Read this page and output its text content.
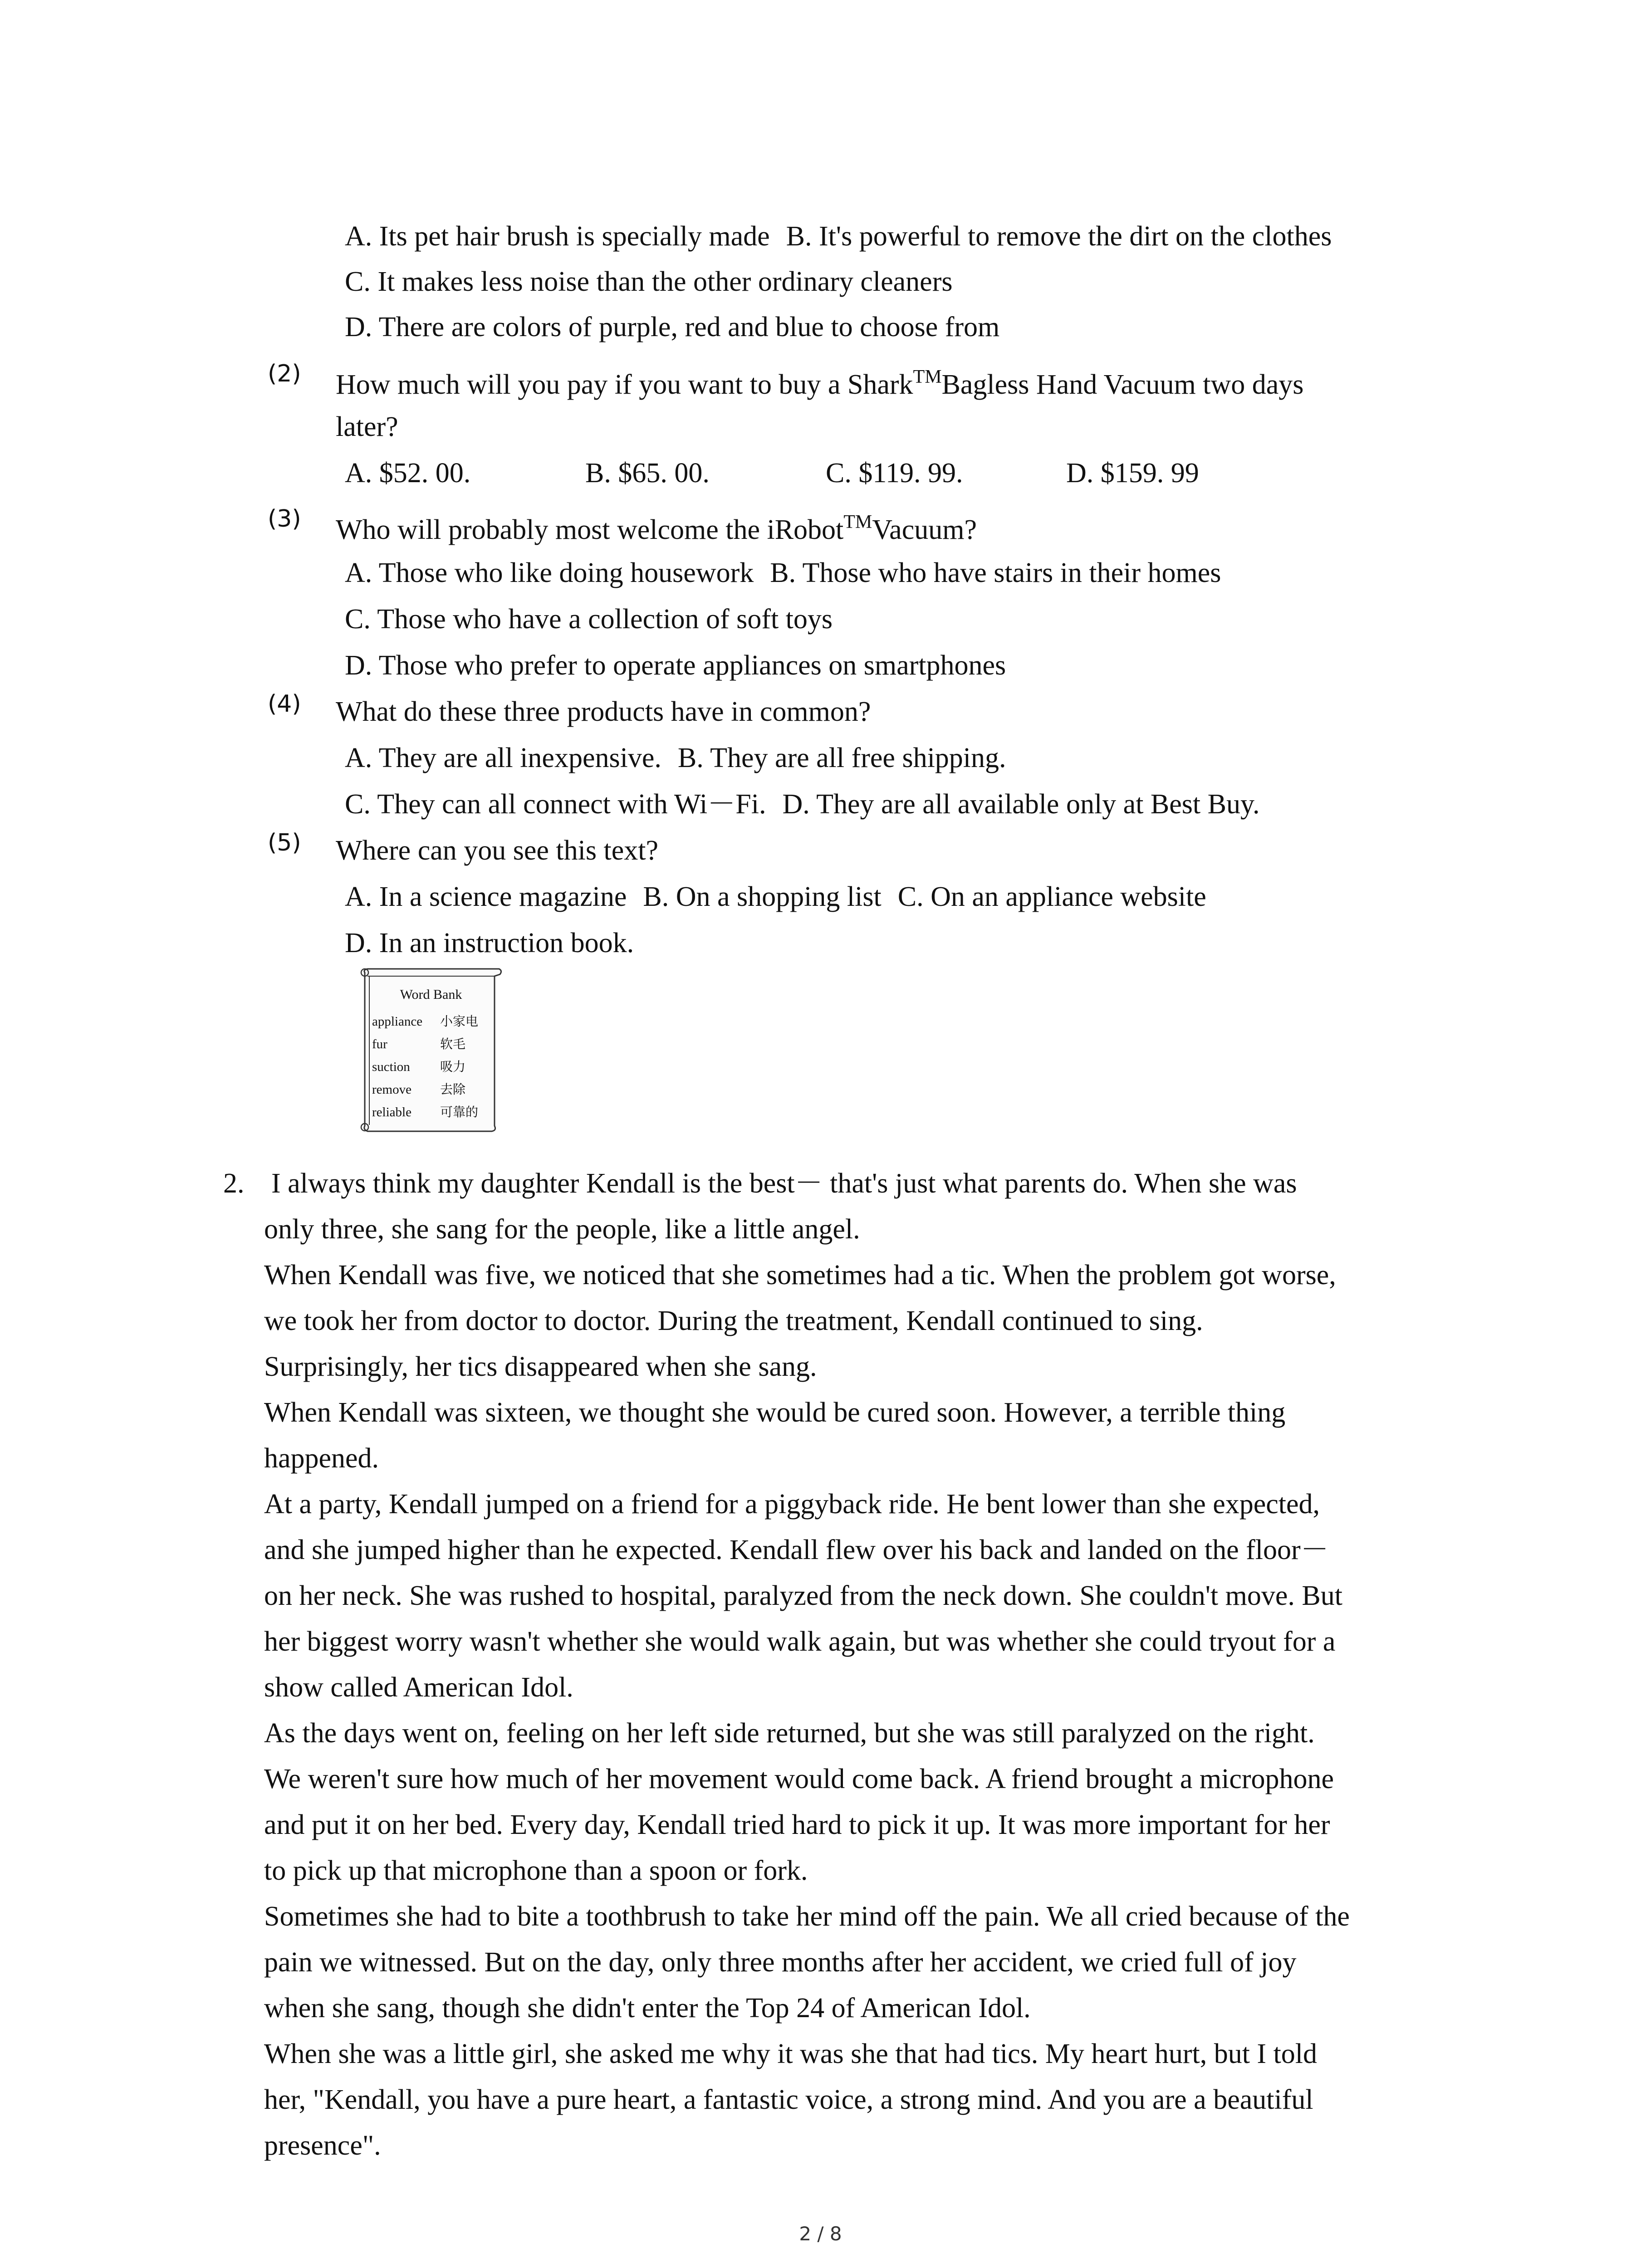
A. Its pet hair brush is specially made B. It's powerful to remove the dirt on the clothes
C. It makes less noise than the other ordinary cleaners
D. There are colors of purple, red and blue to choose from
(2) How much will you pay if you want to buy a Shark™Bagless Hand Vacuum two days
later?
A. $52. 00.	B. $65. 00.	C. $119. 99.	D. $159. 99
(3) Who will probably most welcome the iRobot™Vacuum?
A. Those who like doing housework B. Those who have stairs in their homes
C. Those who have a collection of soft toys
D. Those who prefer to operate appliances on smartphones
(4) What do these three products have in common?
A. They are all inexpensive. B. They are all free shipping.
C. They can all connect with Wi－Fi. D. They are all available only at Best Buy.
(5) Where can you see this text?
A. In a science magazine B. On a shopping list C. On an appliance website
D. In an instruction book.
Word Bank
appliance 小家电
fur	软毛
suction 吸力
remove 去除
reliable 可靠的
2. I always think my daughter Kendall is the best－ that's just what parents do. When she was
only three, she sang for the people, like a little angel.
When Kendall was five, we noticed that she sometimes had a tic. When the problem got worse,
we took her from doctor to doctor. During the treatment, Kendall continued to sing.
Surprisingly, her tics disappeared when she sang.
When Kendall was sixteen, we thought she would be cured soon. However, a terrible thing
happened.
At a party, Kendall jumped on a friend for a piggyback ride. He bent lower than she expected,
and she jumped higher than he expected. Kendall flew over his back and landed on the floor－
on her neck. She was rushed to hospital, paralyzed from the neck down. She couldn't move. But
her biggest worry wasn't whether she would walk again, but was whether she could tryout for a
show called American Idol.
As the days went on, feeling on her left side returned, but she was still paralyzed on the right.
We weren't sure how much of her movement would come back. A friend brought a microphone
and put it on her bed. Every day, Kendall tried hard to pick it up. It was more important for her
to pick up that microphone than a spoon or fork.
Sometimes she had to bite a toothbrush to take her mind off the pain. We all cried because of the
pain we witnessed. But on the day, only three months after her accident, we cried full of joy
when she sang, though she didn't enter the Top 24 of American Idol.
When she was a little girl, she asked me why it was she that had tics. My heart hurt, but I told
her, "Kendall, you have a pure heart, a fantastic voice, a strong mind. And you are a beautiful
presence".
2 / 8
